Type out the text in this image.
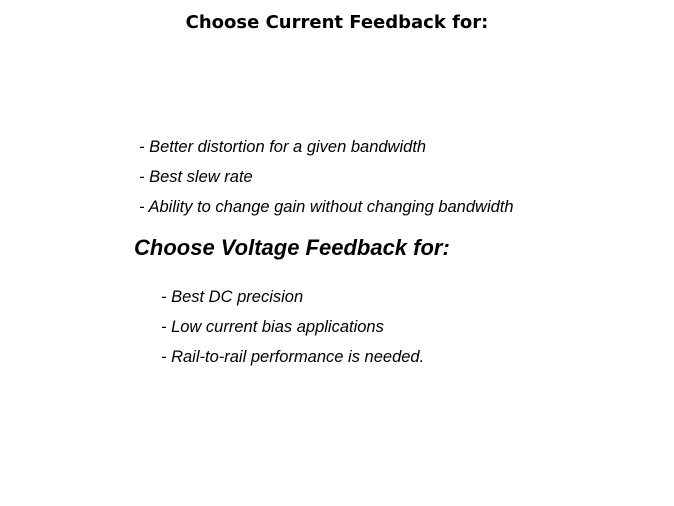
Choose Current Feedback for:
- Better distortion for a given bandwidth
- Best slew rate
- Ability to change gain without changing bandwidth
Choose Voltage Feedback for:
- Best DC precision
- Low current bias applications
- Rail-to-rail performance is needed.
